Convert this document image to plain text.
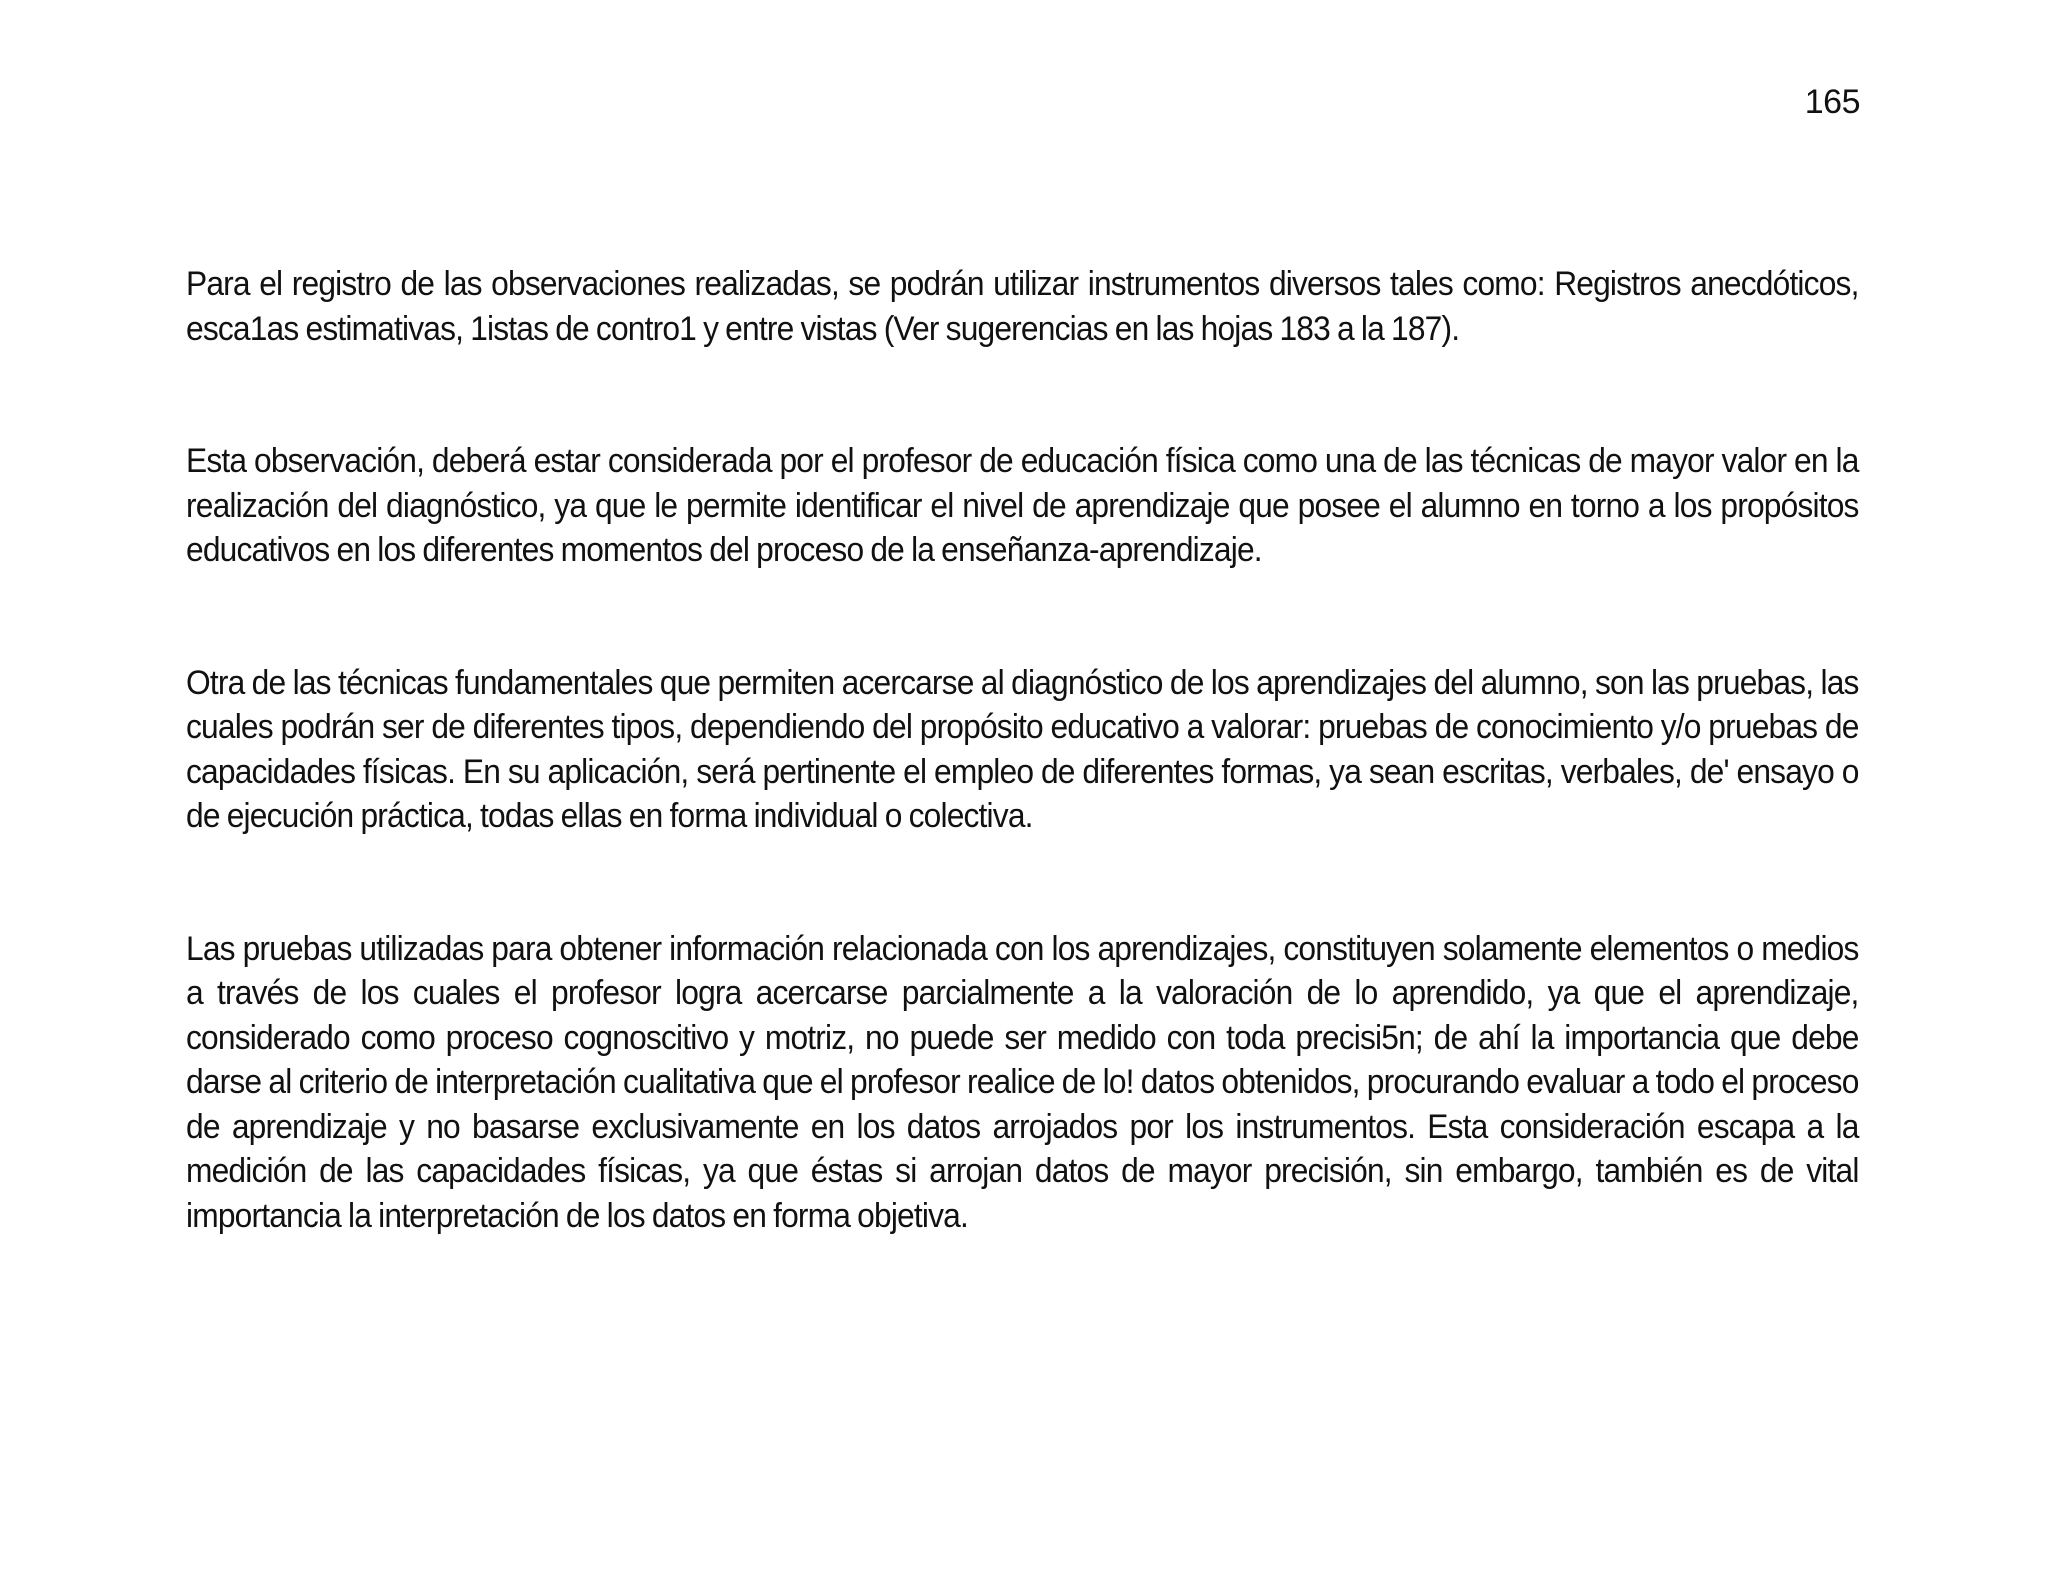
165

Para el registro de las observaciones realizadas, se podrán utilizar instrumentos diversos tales como: Registros anecdóticos, esca1as estimativas, 1istas de contro1 y entre vistas (Ver sugerencias en las hojas 183 a la 187).

Esta observación, deberá estar considerada por el profesor de educación física como una de las técnicas de mayor valor en la realización del diagnóstico, ya que le permite identificar el nivel de aprendizaje que posee el alumno en torno a los propósitos educativos en los diferentes momentos del proceso de la enseñanza-aprendizaje.

Otra de las técnicas fundamentales que permiten acercarse al diagnóstico de los aprendizajes del alumno, son las pruebas, las cuales podrán ser de diferentes tipos, dependiendo del propósito educativo a valorar: pruebas de conocimiento y/o pruebas de capacidades físicas. En su aplicación, será pertinente el empleo de diferentes formas, ya sean escritas, verbales, de' ensayo o de ejecución práctica, todas ellas en forma individual o colectiva.

Las pruebas utilizadas para obtener información relacionada con los aprendizajes, constituyen solamente elementos o medios a través de los cuales el profesor logra acercarse parcialmente a la valoración de lo aprendido, ya que el aprendizaje, considerado como proceso cognoscitivo y motriz, no puede ser medido con toda precisi5n; de ahí la importancia que debe darse al criterio de interpretación cualitativa que el profesor realice de lo! datos obtenidos, procurando evaluar a todo el proceso de aprendizaje y no basarse exclusivamente en los datos arrojados por los instrumentos. Esta consideración escapa a la medición de las capacidades físicas, ya que éstas si arrojan datos de mayor precisión, sin embargo, también es de vital importancia la interpretación de los datos en forma objetiva.
